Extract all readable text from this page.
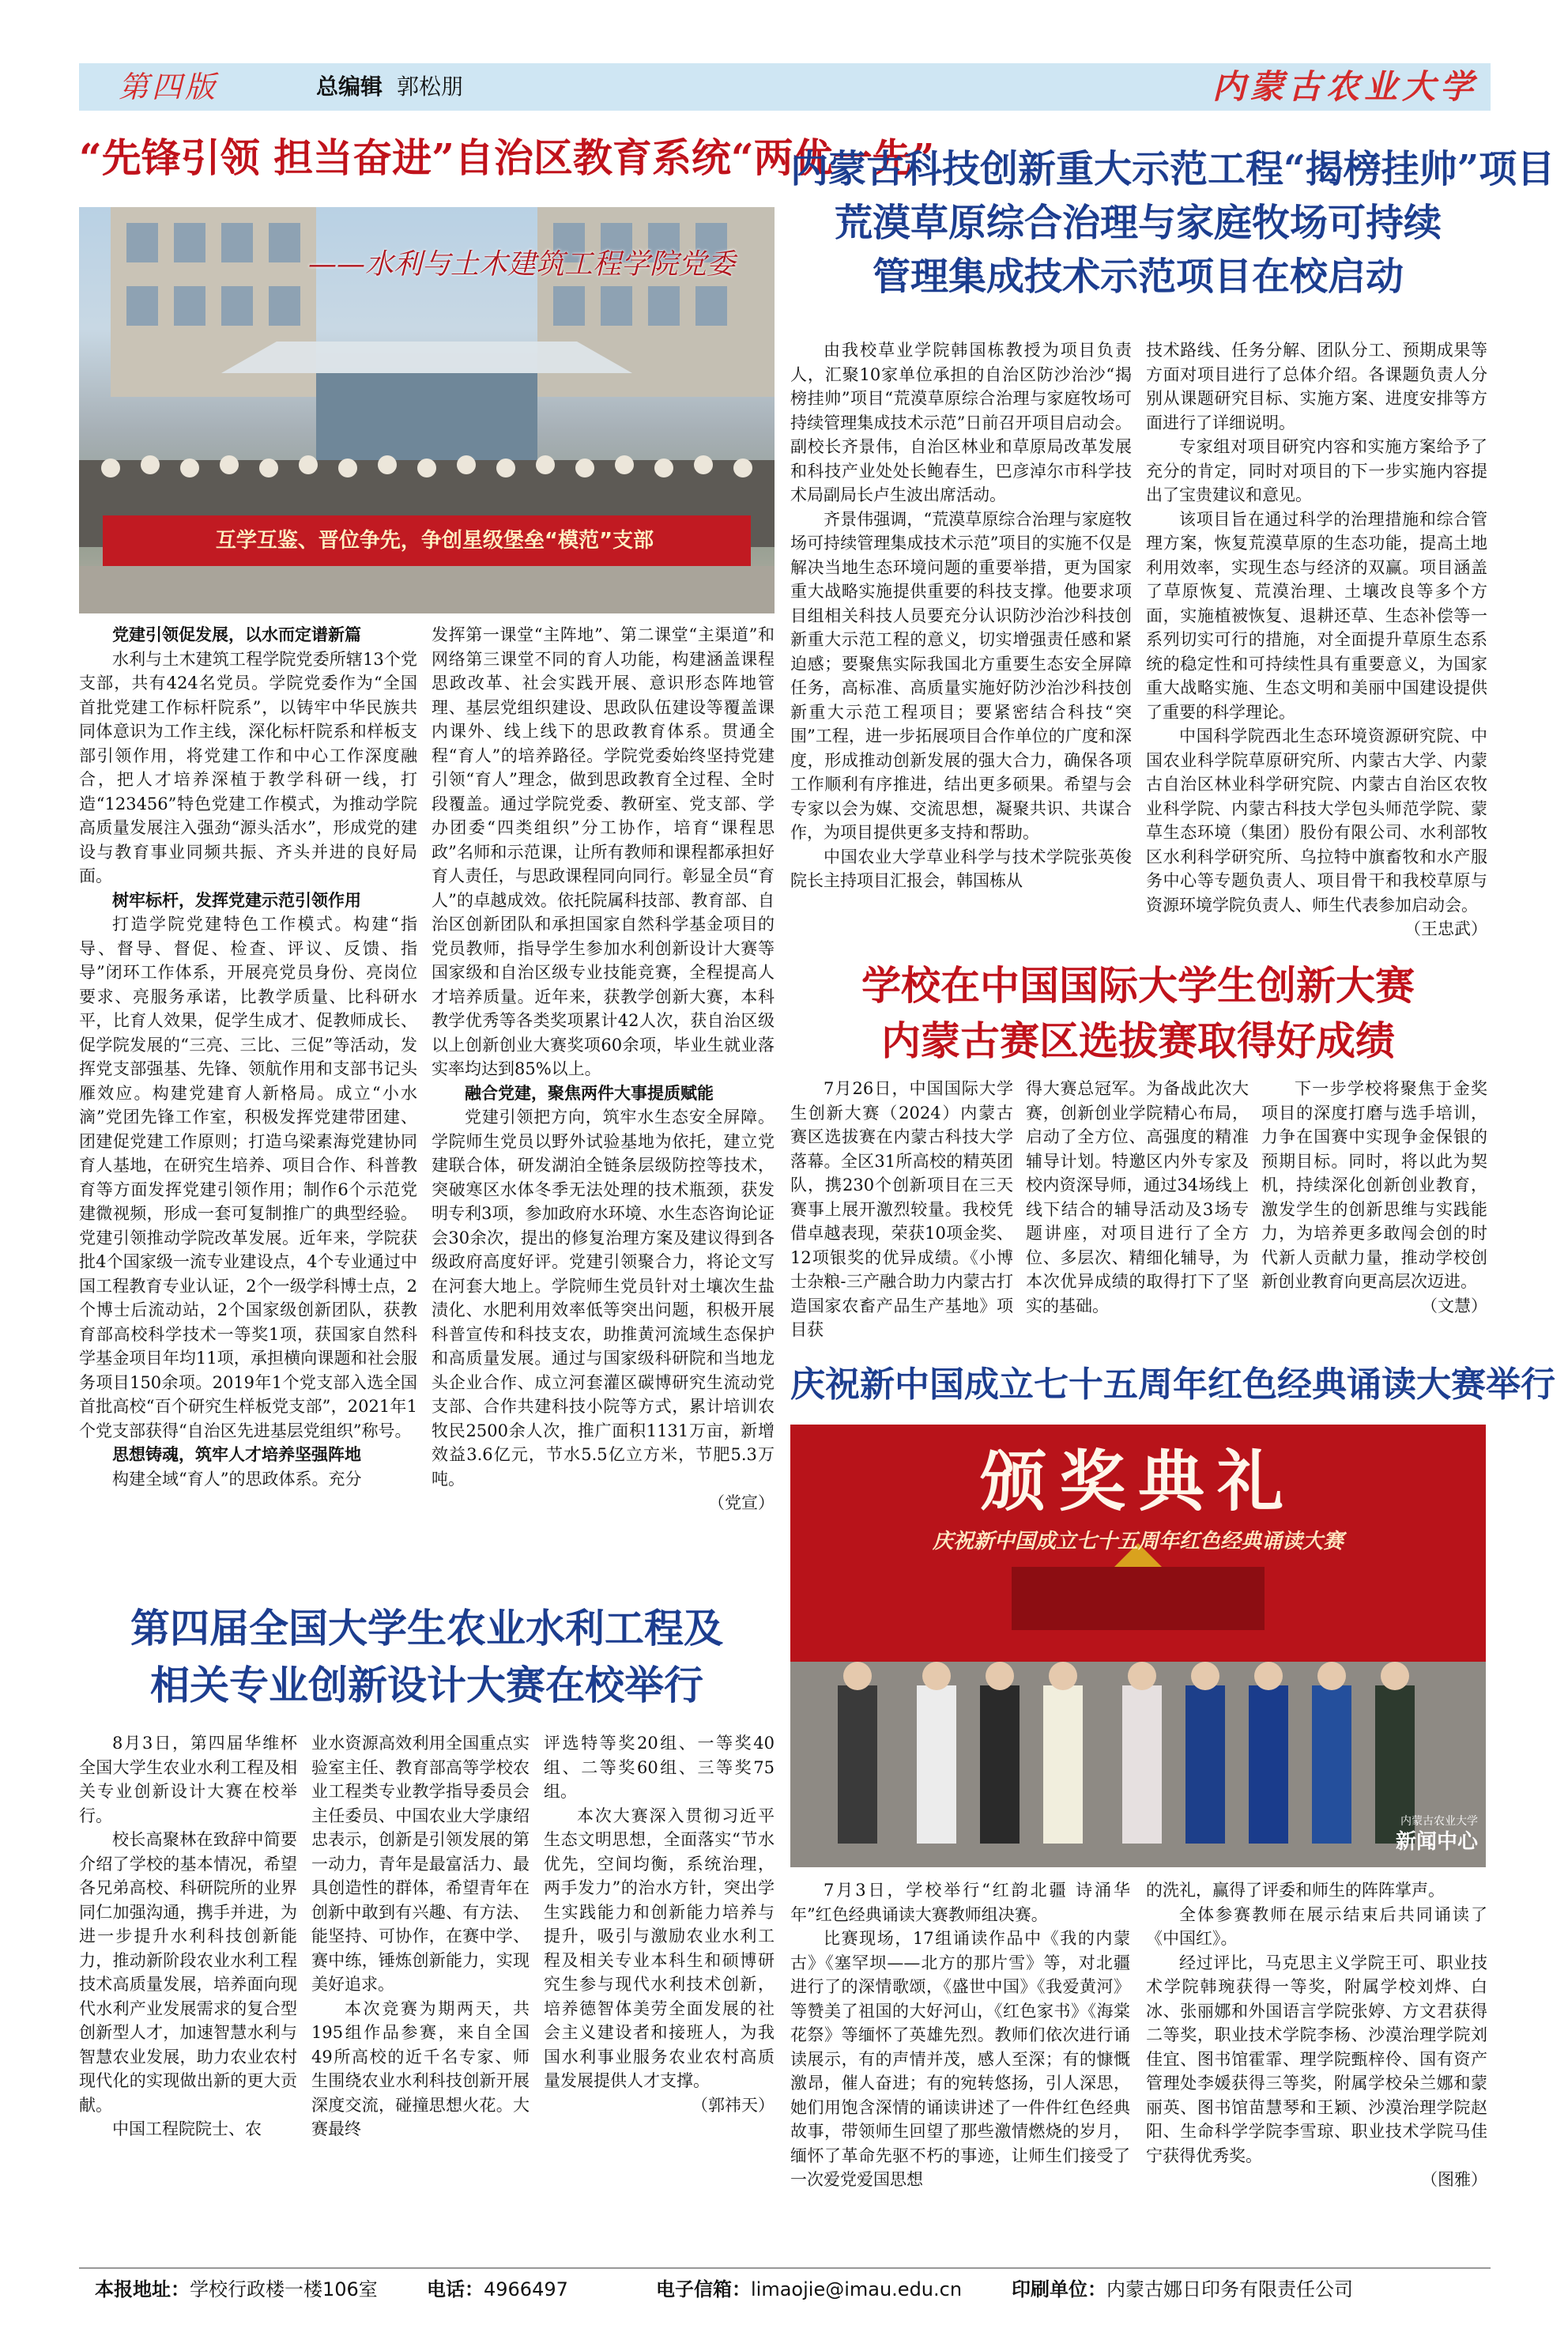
第四版	总编辑 郭松朋	内蒙古农业大学
“先锋引领 担当奋进”自治区教育系统“两优一先”
互学互鉴、晋位争先，争创星级堡垒“模范”支部
——水利与土木建筑工程学院党委
党建引领促发展，以水而定谱新篇

水利与土木建筑工程学院党委所辖13个党支部，共有424名党员。学院党委作为“全国首批党建工作标杆院系”，以铸牢中华民族共同体意识为工作主线，深化标杆院系和样板支部引领作用，将党建工作和中心工作深度融合，把人才培养深植于教学科研一线，打造“123456”特色党建工作模式，为推动学院高质量发展注入强劲“源头活水”，形成党的建设与教育事业同频共振、齐头并进的良好局面。

树牢标杆，发挥党建示范引领作用

打造学院党建特色工作模式。构建“指导、督导、督促、检查、评议、反馈、指导”闭环工作体系，开展亮党员身份、亮岗位要求、亮服务承诺，比教学质量、比科研水平，比育人效果，促学生成才、促教师成长、促学院发展的“三亮、三比、三促”等活动，发挥党支部强基、先锋、领航作用和支部书记头雁效应。构建党建育人新格局。成立“小水滴”党团先锋工作室，积极发挥党建带团建、团建促党建工作原则；打造乌梁素海党建协同育人基地，在研究生培养、项目合作、科普教育等方面发挥党建引领作用；制作6个示范党建微视频，形成一套可复制推广的典型经验。党建引领推动学院改革发展。近年来，学院获批4个国家级一流专业建设点，4个专业通过中国工程教育专业认证，2个一级学科博士点，2个博士后流动站，2个国家级创新团队，获教育部高校科学技术一等奖1项，获国家自然科学基金项目年均11项，承担横向课题和社会服务项目150余项。2019年1个党支部入选全国首批高校“百个研究生样板党支部”，2021年1个党支部获得“自治区先进基层党组织”称号。

思想铸魂，筑牢人才培养坚强阵地

构建全域“育人”的思政体系。充分

发挥第一课堂“主阵地”、第二课堂“主渠道”和网络第三课堂不同的育人功能，构建涵盖课程思政改革、社会实践开展、意识形态阵地管理、基层党组织建设、思政队伍建设等覆盖课内课外、线上线下的思政教育体系。贯通全程“育人”的培养路径。学院党委始终坚持党建引领“育人”理念，做到思政教育全过程、全时段覆盖。通过学院党委、教研室、党支部、学办团委“四类组织”分工协作，培育“课程思政”名师和示范课，让所有教师和课程都承担好育人责任，与思政课程同向同行。彰显全员“育人”的卓越成效。依托院属科技部、教育部、自治区创新团队和承担国家自然科学基金项目的党员教师，指导学生参加水利创新设计大赛等国家级和自治区级专业技能竞赛，全程提高人才培养质量。近年来，获教学创新大赛，本科教学优秀等各类奖项累计42人次，获自治区级以上创新创业大赛奖项60余项，毕业生就业落实率均达到85%以上。

融合党建，聚焦两件大事提质赋能

党建引领把方向，筑牢水生态安全屏障。学院师生党员以野外试验基地为依托，建立党建联合体，研发湖泊全链条层级防控等技术，突破寒区水体冬季无法处理的技术瓶颈，获发明专利3项，参加政府水环境、水生态咨询论证会30余次，提出的修复治理方案及建议得到各级政府高度好评。党建引领聚合力，将论文写在河套大地上。学院师生党员针对土壤次生盐渍化、水肥利用效率低等突出问题，积极开展科普宣传和科技支农，助推黄河流域生态保护和高质量发展。通过与国家级科研院和当地龙头企业合作、成立河套灌区碳博研究生流动党支部、合作共建科技小院等方式，累计培训农牧民2500余人次，推广面积1131万亩，新增效益3.6亿元，节水5.5亿立方米，节肥5.3万吨。

（党宣）

内蒙古科技创新重大示范工程“揭榜挂帅”项目
荒漠草原综合治理与家庭牧场可持续
管理集成技术示范项目在校启动

由我校草业学院韩国栋教授为项目负责人，汇聚10家单位承担的自治区防沙治沙“揭榜挂帅”项目“荒漠草原综合治理与家庭牧场可持续管理集成技术示范”日前召开项目启动会。副校长齐景伟，自治区林业和草原局改革发展和科技产业处处长鲍春生，巴彦淖尔市科学技术局副局长卢生波出席活动。

齐景伟强调，“荒漠草原综合治理与家庭牧场可持续管理集成技术示范”项目的实施不仅是解决当地生态环境问题的重要举措，更为国家重大战略实施提供重要的科技支撑。他要求项目组相关科技人员要充分认识防沙治沙科技创新重大示范工程的意义，切实增强责任感和紧迫感；要聚焦实际我国北方重要生态安全屏障任务，高标准、高质量实施好防沙治沙科技创新重大示范工程项目；要紧密结合科技“突围”工程，进一步拓展项目合作单位的广度和深度，形成推动创新发展的强大合力，确保各项工作顺利有序推进，结出更多硕果。希望与会专家以会为媒、交流思想，凝聚共识、共谋合作，为项目提供更多支持和帮助。

中国农业大学草业科学与技术学院张英俊院长主持项目汇报会，韩国栋从

技术路线、任务分解、团队分工、预期成果等方面对项目进行了总体介绍。各课题负责人分别从课题研究目标、实施方案、进度安排等方面进行了详细说明。

专家组对项目研究内容和实施方案给予了充分的肯定，同时对项目的下一步实施内容提出了宝贵建议和意见。

该项目旨在通过科学的治理措施和综合管理方案，恢复荒漠草原的生态功能，提高土地利用效率，实现生态与经济的双赢。项目涵盖了草原恢复、荒漠治理、土壤改良等多个方面，实施植被恢复、退耕还草、生态补偿等一系列切实可行的措施，对全面提升草原生态系统的稳定性和可持续性具有重要意义，为国家重大战略实施、生态文明和美丽中国建设提供了重要的科学理论。

中国科学院西北生态环境资源研究院、中国农业科学院草原研究所、内蒙古大学、内蒙古自治区林业科学研究院、内蒙古自治区农牧业科学院、内蒙古科技大学包头师范学院、蒙草生态环境（集团）股份有限公司、水利部牧区水利科学研究所、乌拉特中旗畜牧和水产服务中心等专题负责人、项目骨干和我校草原与资源环境学院负责人、师生代表参加启动会。

（王忠武）

学校在中国国际大学生创新大赛
内蒙古赛区选拔赛取得好成绩

7月26日，中国国际大学生创新大赛（2024）内蒙古赛区选拔赛在内蒙古科技大学落幕。全区31所高校的精英团队，携230个创新项目在三天赛事上展开激烈较量。我校凭借卓越表现，荣获10项金奖、12项银奖的优异成绩。《小博士杂粮-三产融合助力内蒙古打造国家农畜产品生产基地》项目获

得大赛总冠军。为备战此次大赛，创新创业学院精心布局，启动了全方位、高强度的精准辅导计划。特邀区内外专家及校内资深导师，通过34场线上线下结合的辅导活动及3场专题讲座，对项目进行了全方位、多层次、精细化辅导，为本次优异成绩的取得打下了坚实的基础。

下一步学校将聚焦于金奖项目的深度打磨与选手培训，力争在国赛中实现争金保银的预期目标。同时，将以此为契机，持续深化创新创业教育，激发学生的创新思维与实践能力，为培养更多敢闯会创的时代新人贡献力量，推动学校创新创业教育向更高层次迈进。

（文慧）

庆祝新中国成立七十五周年红色经典诵读大赛举行
颁奖典礼
庆祝新中国成立七十五周年红色经典诵读大赛
内蒙古农业大学
新闻中心

7月3日，学校举行“红韵北疆 诗涌华年”红色经典诵读大赛教师组决赛。

比赛现场，17组诵读作品中《我的内蒙古》《塞罕坝——北方的那片雪》等，对北疆进行了的深情歌颂，《盛世中国》《我爱黄河》等赞美了祖国的大好河山，《红色家书》《海棠花祭》等缅怀了英雄先烈。教师们依次进行诵读展示，有的声情并茂，感人至深；有的慷慨激昂，催人奋进；有的宛转悠扬，引人深思，她们用饱含深情的诵读讲述了一件件红色经典故事，带领师生回望了那些激情燃烧的岁月，缅怀了革命先驱不朽的事迹，让师生们接受了一次爱党爱国思想

的洗礼，赢得了评委和师生的阵阵掌声。

全体参赛教师在展示结束后共同诵读了《中国红》。

经过评比，马克思主义学院王可、职业技术学院韩琬获得一等奖，附属学校刘烨、白冰、张丽娜和外国语言学院张婷、方文君获得二等奖，职业技术学院李杨、沙漠治理学院刘佳宜、图书馆霍霏、理学院甄梓伶、国有资产管理处李媛获得三等奖，附属学校朵兰娜和蒙丽英、图书馆苗慧琴和王颖、沙漠治理学院赵阳、生命科学学院李雪琼、职业技术学院马佳宁获得优秀奖。

（图雅）

第四届全国大学生农业水利工程及
相关专业创新设计大赛在校举行

8月3日，第四届华维杯全国大学生农业水利工程及相关专业创新设计大赛在校举行。

校长高聚林在致辞中简要介绍了学校的基本情况，希望各兄弟高校、科研院所的业界同仁加强沟通，携手并进，为进一步提升水利科技创新能力，推动新阶段农业水利工程技术高质量发展，培养面向现代水利产业发展需求的复合型创新型人才，加速智慧水利与智慧农业发展，助力农业农村现代化的实现做出新的更大贡献。

中国工程院院士、农

业水资源高效利用全国重点实验室主任、教育部高等学校农业工程类专业教学指导委员会主任委员、中国农业大学康绍忠表示，创新是引领发展的第一动力，青年是最富活力、最具创造性的群体，希望青年在创新中敢到有兴趣、有方法、能坚持、可协作，在赛中学、赛中练，锤炼创新能力，实现美好追求。

本次竞赛为期两天，共195组作品参赛，来自全国49所高校的近千名专家、师生围绕农业水利科技创新开展深度交流，碰撞思想火花。大赛最终

评选特等奖20组、一等奖40组、二等奖60组、三等奖75组。

本次大赛深入贯彻习近平生态文明思想，全面落实“节水优先，空间均衡，系统治理，两手发力”的治水方针，突出学生实践能力和创新能力培养与提升，吸引与激励农业水利工程及相关专业本科生和硕博研究生参与现代水利技术创新，培养德智体美劳全面发展的社会主义建设者和接班人，为我国水利事业服务农业农村高质量发展提供人才支撑。

（郭祎天）

本报地址：学校行政楼一楼106室	电话：4966497	电子信箱：limaojie@imau.edu.cn	印刷单位：内蒙古娜日印务有限责任公司
